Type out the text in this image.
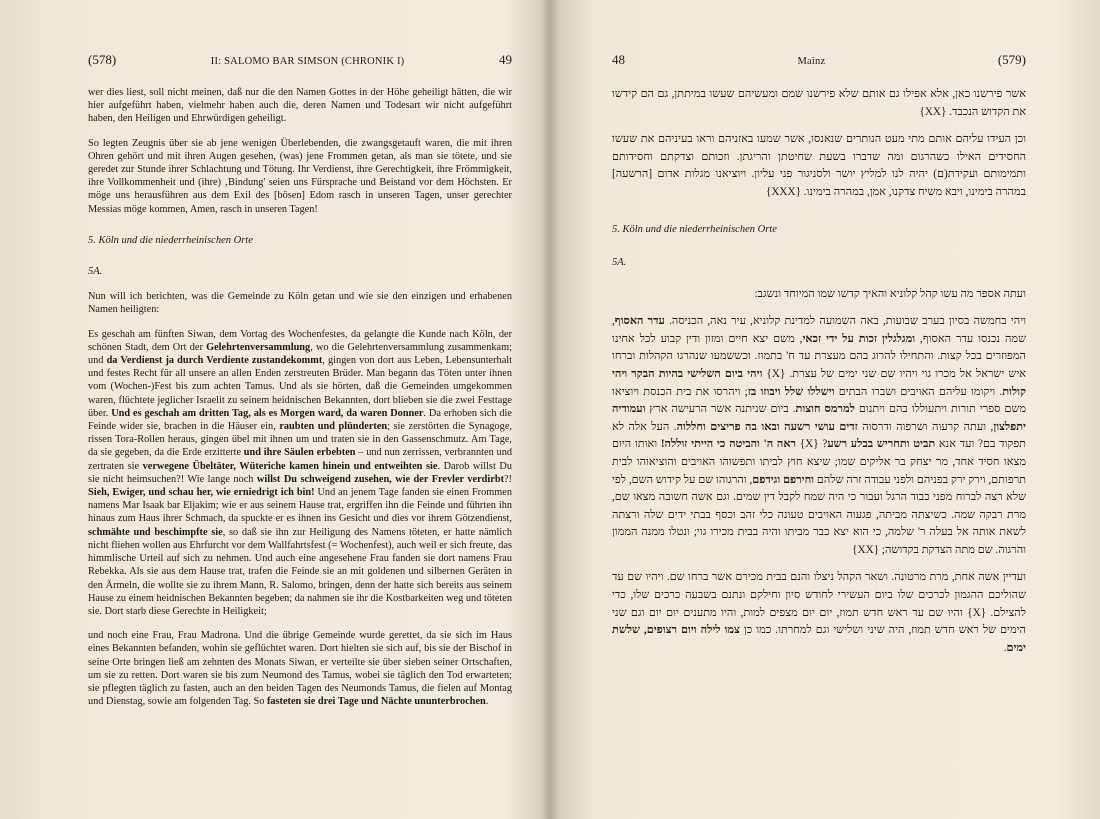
(578)	II: SALOMO BAR SIMSON (CHRONIK I)	49

wer dies liest, soll nicht meinen, daß nur die den Namen Gottes in der Höhe geheiligt hätten, die wir hier aufgeführt haben, vielmehr haben auch die, deren Namen und Todesart wir nicht aufgeführt haben, den Heiligen und Ehrwürdigen geheiligt.

So legten Zeugnis über sie ab jene wenigen Überlebenden, die zwangsgetauft waren, die mit ihren Ohren gehört und mit ihren Augen gesehen, (was) jene Frommen getan, als man sie tötete, und sie geredet zur Stunde ihrer Schlachtung und Tötung. Ihr Verdienst, ihre Gerechtigkeit, ihre Frömmigkeit, ihre Vollkommenheit und (ihre) ‚Bindung' seien uns Fürsprache und Beistand vor dem Höchsten. Er möge uns herausführen aus dem Exil des [bösen] Edom rasch in unseren Tagen, unser gerechter Messias möge kommen, Amen, rasch in unseren Tagen!

5. Köln und die niederrheinischen Orte

5A.

Nun will ich berichten, was die Gemeinde zu Köln getan und wie sie den einzigen und erhabenen Namen heiligten:

Es geschah am fünften Siwan, dem Vortag des Wochenfestes, da gelangte die Kunde nach Köln, der schönen Stadt, dem Ort der Gelehrtenversammlung, wo die Gelehrtenversammlung zusammenkam; und da Verdienst ja durch Verdiente zustandekommt, gingen von dort aus Leben, Lebensunterhalt und festes Recht für all unsere an allen Enden zerstreuten Brüder. Man begann das Töten unter ihnen vom (Wochen-)Fest bis zum achten Tamus. Und als sie hörten, daß die Gemeinden umgekommen waren, flüchtete jeglicher Israelit zu seinem heidnischen Bekannten, dort blieben sie die zwei Festtage über. Und es geschah am dritten Tag, als es Morgen ward, da waren Donner. Da erhoben sich die Feinde wider sie, brachen in die Häuser ein, raubten und plünderten; sie zerstörten die Synagoge, rissen Tora-Rollen heraus, gingen übel mit ihnen um und traten sie in den Gassenschmutz. Am Tage, da sie gegeben, da die Erde erzitterte und ihre Säulen erbebten – und nun zerrissen, verbrannten und zertraten sie verwegene Übeltäter, Wüteriche kamen hinein und entweihten sie. Darob willst Du sie nicht heimsuchen?! Wie lange noch willst Du schweigend zusehen, wie der Frevler verdirbt?! Sieh, Ewiger, und schau her, wie erniedrigt ich bin! Und an jenem Tage fanden sie einen Frommen namens Mar Isaak bar Eljakim; wie er aus seinem Hause trat, ergriffen ihn die Feinde und führten ihn hinaus zum Haus ihrer Schmach, da spuckte er es ihnen ins Gesicht und dies vor ihrem Götzendienst, schmähte und beschimpfte sie, so daß sie ihn zur Heiligung des Namens töteten, er hatte nämlich nicht fliehen wollen aus Ehrfurcht vor dem Wallfahrtsfest (= Wochenfest), auch weil er sich freute, das himmlische Urteil auf sich zu nehmen. Und auch eine angesehene Frau fanden sie dort namens Frau Rebekka. Als sie aus dem Hause trat, trafen die Feinde sie an mit goldenen und silbernen Geräten in den Ärmeln, die wollte sie zu ihrem Mann, R. Salomo, bringen, denn der hatte sich bereits aus seinem Hause zu einem heidnischen Bekannten begeben; da nahmen sie ihr die Kostbarkeiten weg und töteten sie. Dort starb diese Gerechte in Heiligkeit;

und noch eine Frau, Frau Madrona. Und die übrige Gemeinde wurde gerettet, da sie sich im Haus eines Bekannten befanden, wohin sie geflüchtet waren. Dort hielten sie sich auf, bis sie der Bischof in seine Orte bringen ließ am zehnten des Monats Siwan, er verteilte sie über sieben seiner Ortschaften, um sie zu retten. Dort waren sie bis zum Neumond des Tamus, wobei sie täglich den Tod erwarteten; sie pflegten täglich zu fasten, auch an den beiden Tagen des Neumonds Tamus, die fielen auf Montag und Dienstag, sowie am folgenden Tag. So fasteten sie drei Tage und Nächte ununterbrochen.

48	Mainz	(579)

אשר פירשנו כאן, אלא אפילו גם אותם שלא פירשנו שמם ומעשיהם שעשו במיתתן, גם הם קידשו את הקדוש הנכבד. {XX}

וכן העידו עליהם אותם מתי מעט הנותרים שנאנסו, אשר שמעו באזניהם וראו בעיניהם את שעשו החסידים האילו כשהרגום ומה שדברו בשעת שחיטתן והריגתן. וזכותם וצדקתם וחסידותם ותמימותם ועקידת(ם) יהיה לנו למליץ יושר ולסניגור פני עליון. ויוציאנו מגלות אדום [הרשעה] במהרה בימינו, ויבא משיח צדקנו, אמן, במהרה בימינו. {XXX}

5. Köln und die niederrheinischen Orte

5A.

ועתה אספר מה עשו קהל קלוניא והאיך קדשו שמו המיוחד ונשגב:

ויהי בחמשה בסיון בערב שבועות, באה השמועה למדינת קלוניא, עיר נאה, הכניסה. עדר האסוף, שמה נכנסו עדר האסוף, ומגלגלין זכות על ידי זכאי, משם יצא חיים ומזון ודין קבוע לכל אחינו המפוזרים בכל קצות. והתחילו להרוג בהם מעצרת עד ח' בתמוז. וכששמעו שנהרגו הקהלות וברחו איש ישראל אל מכרו גוי ויהיו שם שני ימים של עצרת. {X} ויהי ביום השלישי בהיות הבקר ויהי קולות. ויקומו עליהם האויבים ושברו הבתים וישללו שלל ויבוזו בז; ויהרסו את בית הכנסת ויוציאו משם ספרי תורות ויתעוללו בהם ויתנום למרמס חוצות. ביום שניתנה אשר הרעישה ארץ ועמודיה יתפלצון, ועתה קרעוה ושרפוה ודרסוה זדים עושי רשעה ובאו בה פריצים וחללוה. העל אלה לא תפקוד בם? ועד אנא תביט ותחריש בבלע רשע? {X} ראה ה' והביטה כי הייתי זוללה! ואותו היום מצאו חסיד אחד, מר יצחק בר אליקים שמו; שיצא חוץ לביתו ותפשוהו האויבים והוציאוהו לבית תרפותם, וירק ירק בפניהם ולפני עבודה זרה שלהם וחירפם וגידפם, והרגוהו שם על קידוש השם, לפי שלא רצה לברוח מפני כבוד הרגל ועבור כי היה שמח לקבל דין שמים. וגם אשה חשובה מצאו שם, מרת רבקה שמה. כשיצתה מביתה, פגעוה האויבים טעונה כלי זהב וכסף בבתי ידים שלה ורצתה לשאת אותה אל בעלה ר' שלמה, כי הוא יצא כבר מביתו והיה בבית מכירו גוי; ונטלו ממנה הממון והרגוה. שם מתה הצדקת בקדושה; {XX}

ועדיין אשה אחת, מרת מרטונה. ושאר הקהל ניצלו והנם בבית מכירם אשר ברחו שם. ויהיו שם עד שהוליכם ההגמון לכרכים שלו ביום העשירי לחודש סיון וחילקם ונתנם בשבעה כרכים שלו, כדי להצילם. {X} והיו שם עד ראש חדש תמוז, יום יום מצפים למות, והיו מתענים יום יום וגם שני הימים של ראש חדש תמוז, היה שיני ושלישי וגם למחרתו. כמו כן צמו לילה ויום רצופים, שלשת ימים.
